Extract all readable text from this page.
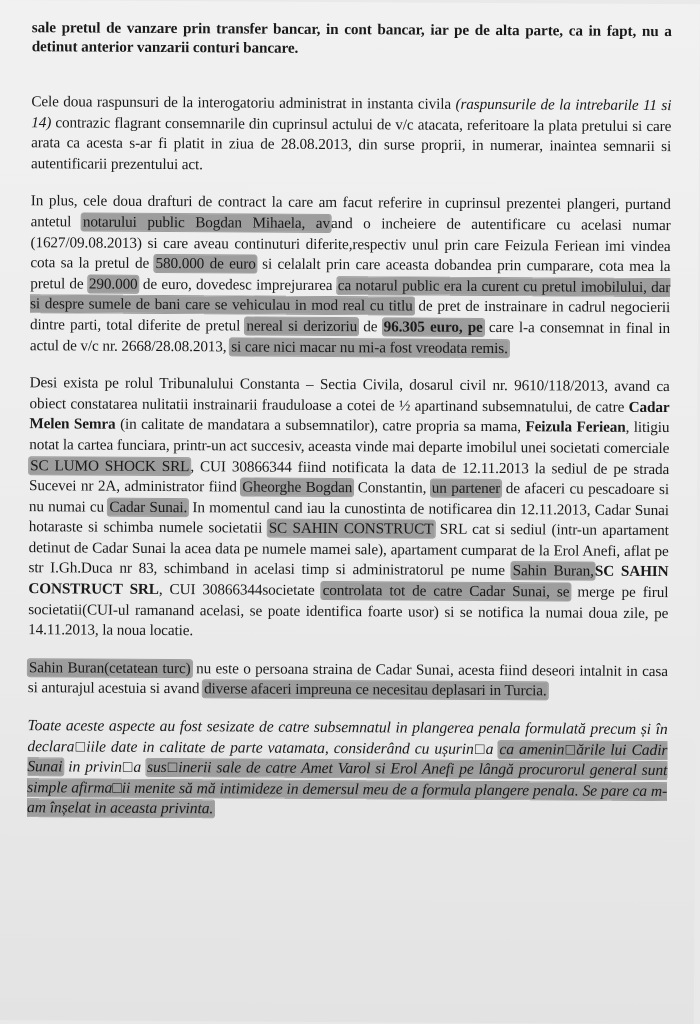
sale pretul de vanzare prin transfer bancar, in cont bancar, iar pe de alta parte, ca in fapt, nu a detinut anterior vanzarii conturi bancare.

Cele doua raspunsuri de la interogatoriu administrat in instanta civila (raspunsurile de la intrebarile 11 si 14) contrazic flagrant consemnarile din cuprinsul actului de v/c atacata, referitoare la plata pretului si care arata ca acesta s-ar fi platit in ziua de 28.08.2013, din surse proprii, in numerar, inaintea semnarii si autentificarii prezentului act.

In plus, cele doua drafturi de contract la care am facut referire in cuprinsul prezentei plangeri, purtand antetul notarului public Bogdan Mihaela, avand o incheiere de autentificare cu acelasi numar (1627/09.08.2013) si care aveau continuturi diferite,respectiv unul prin care Feizula Feriean imi vindea cota sa la pretul de 580.000 de euro si celalalt prin care aceasta dobandea prin cumparare, cota mea la pretul de 290.000 de euro, dovedesc imprejurarea ca notarul public era la curent cu pretul imobilului, dar si despre sumele de bani care se vehiculau in mod real cu titlu de pret de instrainare in cadrul negocierii dintre parti, total diferite de pretul nereal si derizoriu de 96.305 euro, pe care l-a consemnat in final in actul de v/c nr. 2668/28.08.2013, si care nici macar nu mi-a fost vreodata remis.

Desi exista pe rolul Tribunalului Constanta – Sectia Civila, dosarul civil nr. 9610/118/2013, avand ca obiect constatarea nulitatii instrainarii frauduloase a cotei de ½ apartinand subsemnatului, de catre Cadar Melen Semra (in calitate de mandatara a subsemnatilor), catre propria sa mama, Feizula Feriean, litigiu notat la cartea funciara, printr-un act succesiv, aceasta vinde mai departe imobilul unei societati comerciale SC LUMO SHOCK SRL, CUI 30866344 fiind notificata la data de 12.11.2013 la sediul de pe strada Sucevei nr 2A, administrator fiind Gheorghe Bogdan Constantin, un partener de afaceri cu pescadoare si nu numai cu Cadar Sunai. In momentul cand iau la cunostinta de notificarea din 12.11.2013, Cadar Sunai hotaraste si schimba numele societatii SC SAHIN CONSTRUCT SRL cat si sediul (intr-un apartament detinut de Cadar Sunai la acea data pe numele mamei sale), apartament cumparat de la Erol Anefi, aflat pe str I.Gh.Duca nr 83, schimband in acelasi timp si administratorul pe nume Sahin Buran,SC SAHIN CONSTRUCT SRL, CUI 30866344societate controlata tot de catre Cadar Sunai, se merge pe firul societatii(CUI-ul ramanand acelasi, se poate identifica foarte usor) si se notifica la numai doua zile, pe 14.11.2013, la noua locatie.

Sahin Buran(cetatean turc) nu este o persoana straina de Cadar Sunai, acesta fiind deseori intalnit in casa si anturajul acestuia si avand diverse afaceri impreuna ce necesitau deplasari in Turcia.

Toate aceste aspecte au fost sesizate de catre subsemnatul in plangerea penala formulată precum și în declara□iile date in calitate de parte vatamata, considerând cu ușurin□a ca amenin□ările lui Cadir Sunai in privin□a sus□inerii sale de catre Amet Varol si Erol Anefi pe lângă procurorul general sunt simple afirma□ii menite să mă intimideze in demersul meu de a formula plangere penala. Se pare ca m-am înșelat in aceasta privinta.
